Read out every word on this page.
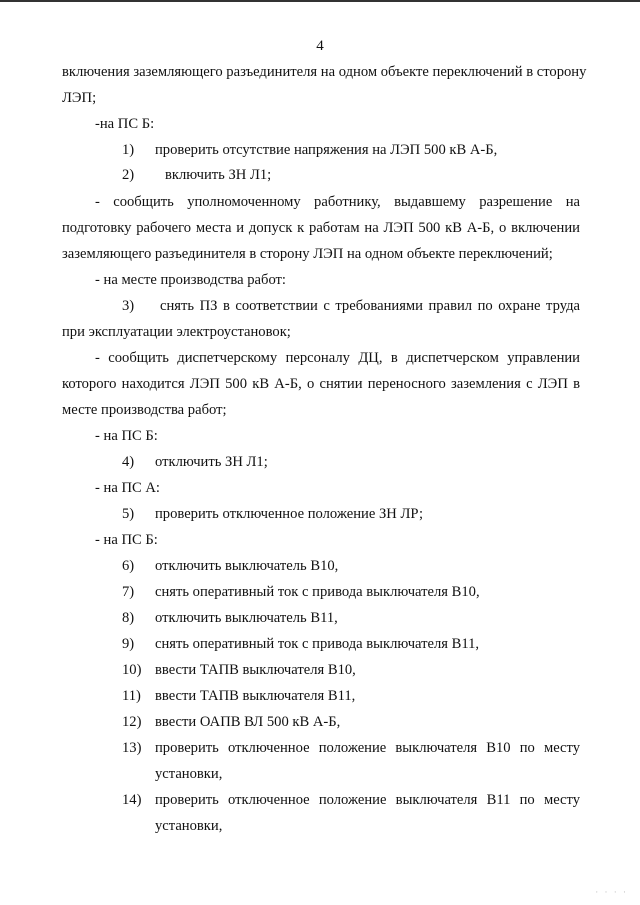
4
включения заземляющего разъединителя на одном объекте переключений в сторону
ЛЭП;
-на ПС Б:
1) проверить отсутствие напряжения на ЛЭП 500 кВ А-Б,
2) включить ЗН Л1;
- сообщить уполномоченному работнику, выдавшему разрешение на
подготовку рабочего места и допуск к работам на ЛЭП 500 кВ А-Б, о включении
заземляющего разъединителя в сторону ЛЭП на одном объекте переключений;
- на месте производства работ:
3) снять ПЗ в соответствии с требованиями правил по охране труда
при эксплуатации электроустановок;
- сообщить диспетчерскому персоналу ДЦ, в диспетчерском управлении
которого находится ЛЭП 500 кВ А-Б, о снятии переносного заземления с ЛЭП в
месте производства работ;
- на ПС Б:
4) отключить ЗН Л1;
- на ПС А:
5) проверить отключенное положение ЗН ЛР;
- на ПС Б:
6) отключить выключатель В10,
7) снять оперативный ток с привода выключателя В10,
8) отключить выключатель В11,
9) снять оперативный ток с привода выключателя В11,
10) ввести ТАПВ выключателя В10,
11) ввести ТАПВ выключателя В11,
12) ввести ОАПВ ВЛ 500 кВ А-Б,
13) проверить отключенное положение выключателя В10 по месту
установки,
14) проверить отключенное положение выключателя В11 по месту
установки,
· · · ·
